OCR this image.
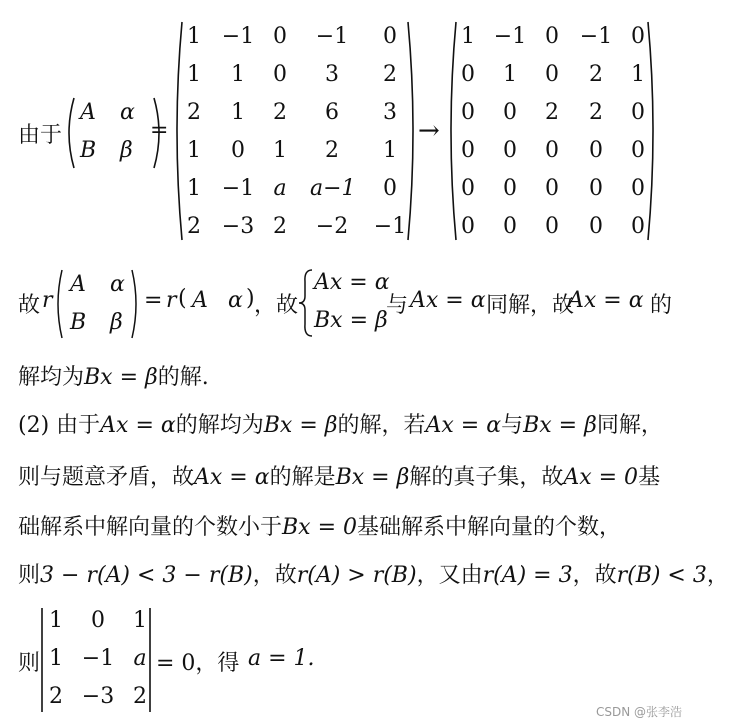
由于
A α
B β
=
1 −1 0	−1	0
1	1	0	3	2
2	1	2	6	3
1	0	1	2	1
1 −1 a	a−1	0
2 −3 2	−2 −1
→
1 −1 0 −1 0
0	1	0	2	1
0	0	2	2	0
0	0	0	0	0
0	0	0	0	0
0	0	0	0	0
故 r
A α
B β
= r ( A α ) ，故
Ax = α
Bx = β
与 Ax = α 同解，故
Ax = α 的
解均为Bx = β的解.
(2) 由于Ax = α的解均为Bx = β的解，若Ax = α与Bx = β同解，
则与题意矛盾，故Ax = α的解是Bx = β解的真子集，故Ax = 0基
础解系中解向量的个数小于Bx = 0基础解系中解向量的个数，
则3 − r(A) < 3 − r(B)，故r(A) > r(B)，又由r(A) = 3，故r(B) < 3，
则
1	0	1
1 −1 a
2 −3 2
= 0，得 a = 1.
CSDN @张李浩
